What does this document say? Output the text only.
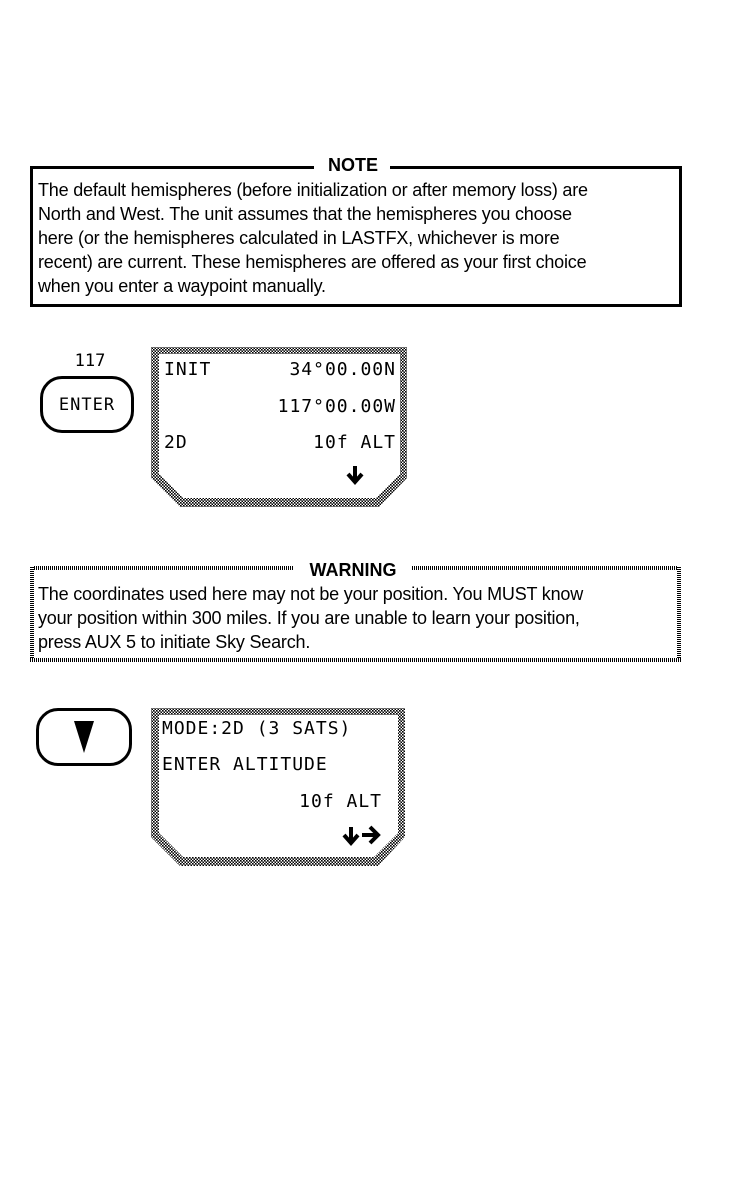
NOTE
The default hemispheres (before initialization or after memory loss) are
North and West. The unit assumes that the hemispheres you choose
here (or the hemispheres calculated in LASTFX, whichever is more
recent) are current. These hemispheres are offered as your first choice
when you enter a waypoint manually.
117
ENTER
INIT	34°00.00N
117°00.00W
2D	10f ALT
WARNING
The coordinates used here may not be your position. You MUST know
your position within 300 miles. If you are unable to learn your position,
press AUX 5 to initiate Sky Search.
MODE:2D (3 SATS)
ENTER ALTITUDE
10f ALT
